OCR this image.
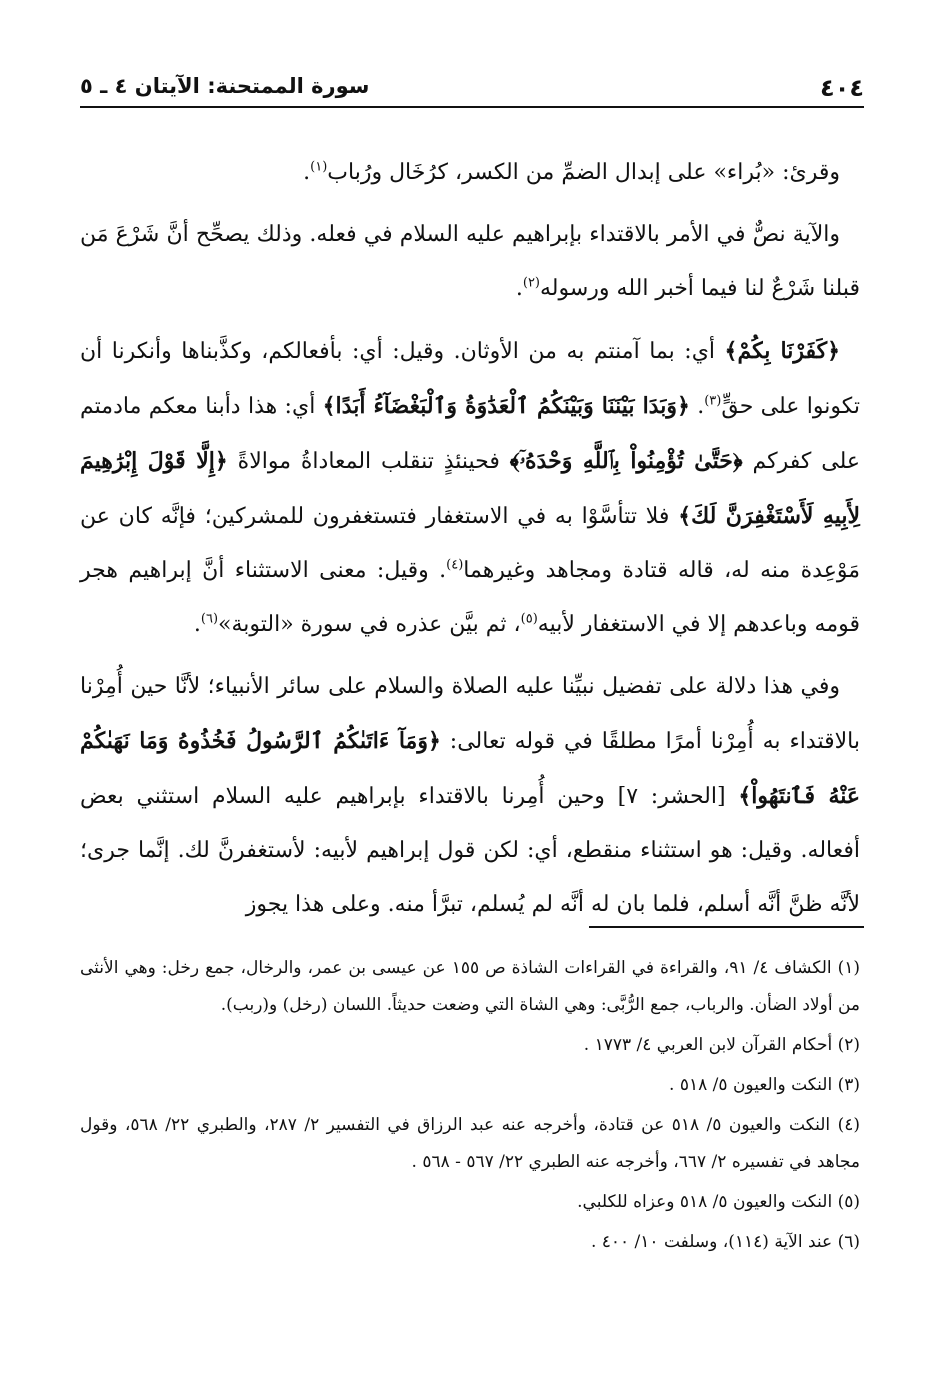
٤٠٤
سورة الممتحنة: الآيتان ٤ ـ ٥

وقرئ: «بُراء» على إبدال الضمِّ من الكسر، كرُخَال ورُباب$^{(١)}$.

والآية نصٌّ في الأمر بالاقتداء بإبراهيم عليه السلام في فعله. وذلك يصحِّح أنَّ شَرْعَ مَن قبلنا شَرْعٌ لنا فيما أخبر الله ورسوله$^{(٢)}$.

﴿كَفَرْنَا بِكُمْ﴾ أي: بما آمنتم به من الأوثان. وقيل: أي: بأفعالكم، وكذَّبناها وأنكرنا أن تكونوا على حقٍّ$^{(٣)}$. ﴿وَبَدَا بَيْنَنَا وَبَيْنَكُمُ ٱلْعَدَٰوَةُ وَٱلْبَغْضَآءُ أَبَدًا﴾ أي: هذا دأبنا معكم مادمتم على كفركم ﴿حَتَّىٰ تُؤْمِنُواْ بِٱللَّهِ وَحْدَهُۥٓ﴾ فحينئذٍ تنقلب المعاداةُ موالاةً ﴿إِلَّا قَوْلَ إِبْرَٰهِيمَ لِأَبِيهِ لَأَسْتَغْفِرَنَّ لَكَ﴾ فلا تتأسَّوْا به في الاستغفار فتستغفرون للمشركين؛ فإنَّه كان عن مَوْعِدة منه له، قاله قتادة ومجاهد وغيرهما$^{(٤)}$. وقيل: معنى الاستثناء أنَّ إبراهيم هجر قومه وباعدهم إلا في الاستغفار لأبيه$^{(٥)}$، ثم بيَّن عذره في سورة «التوبة»$^{(٦)}$.

وفي هذا دلالة على تفضيل نبيِّنا عليه الصلاة والسلام على سائر الأنبياء؛ لأنَّا حين أُمِرْنا بالاقتداء به أُمِرْنا أمرًا مطلقًا في قوله تعالى: ﴿وَمَآ ءَاتَىٰكُمُ ٱلرَّسُولُ فَخُذُوهُ وَمَا نَهَىٰكُمْ عَنْهُ فَٱنتَهُواْ﴾ [الحشر: ٧] وحين أُمِرنا بالاقتداء بإبراهيم عليه السلام استثني بعض أفعاله. وقيل: هو استثناء منقطع، أي: لكن قول إبراهيم لأبيه: لأستغفرنَّ لك. إنَّما جرى؛ لأنَّه ظنَّ أنَّه أسلم، فلما بان له أنَّه لم يُسلم، تبرَّأ منه. وعلى هذا يجوز

(١) الكشاف ٤/ ٩١، والقراءة في القراءات الشاذة ص ١٥٥ عن عيسى بن عمر، والرخال، جمع رخل: وهي الأنثى من أولاد الضأن. والرباب، جمع الرُّبَّى: وهي الشاة التي وضعت حديثاً. اللسان (رخل) و(ربب).
(٢) أحكام القرآن لابن العربي ٤/ ١٧٧٣ .
(٣) النكت والعيون ٥/ ٥١٨ .
(٤) النكت والعيون ٥/ ٥١٨ عن قتادة، وأخرجه عنه عبد الرزاق في التفسير ٢/ ٢٨٧، والطبري ٢٢/ ٥٦٨، وقول مجاهد في تفسيره ٢/ ٦٦٧، وأخرجه عنه الطبري ٢٢/ ٥٦٧ - ٥٦٨ .
(٥) النكت والعيون ٥/ ٥١٨ وعزاه للكلبي.
(٦) عند الآية (١١٤)، وسلفت ١٠/ ٤٠٠ .
